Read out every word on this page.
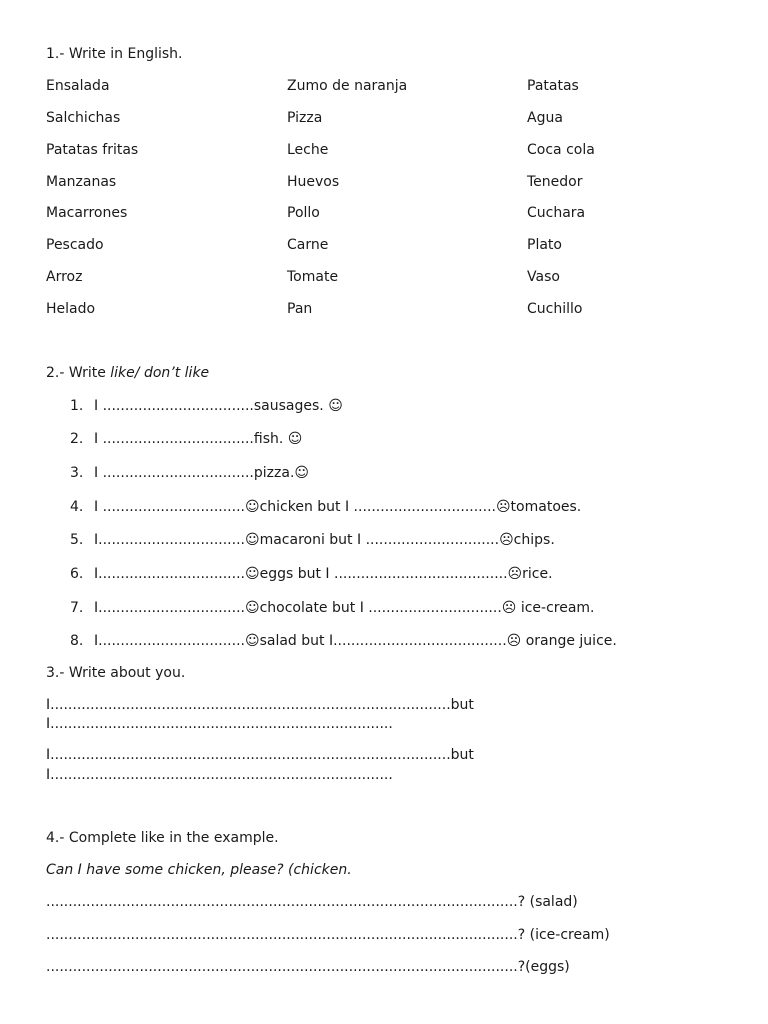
1.- Write in English.
Ensalada
Salchichas
Patatas fritas
Manzanas
Macarrones
Pescado
Arroz
Helado
Zumo de naranja
Pizza
Leche
Huevos
Pollo
Carne
Tomate
Pan
Patatas
Agua
Coca cola
Tenedor
Cuchara
Plato
Vaso
Cuchillo
2.- Write like/ don’t like
1. I ..................................sausages. ☺
2. I ..................................fish. ☺
3. I ..................................pizza.☺
4. I ................................☺chicken but I ................................☹tomatoes.
5. I.................................☺macaroni but I ..............................☹chips.
6. I.................................☺eggs but I .......................................☹rice.
7. I.................................☺chocolate but I ..............................☹ ice-cream.
8. I.................................☺salad but I.......................................☹ orange juice.
3.- Write about you.
I..........................................................................................but
I.............................................................................
I..........................................................................................but
I.............................................................................
4.- Complete like in the example.
Can I have some chicken, please? (chicken.
..........................................................................................................? (salad)
..........................................................................................................? (ice-cream)
..........................................................................................................?(eggs)
